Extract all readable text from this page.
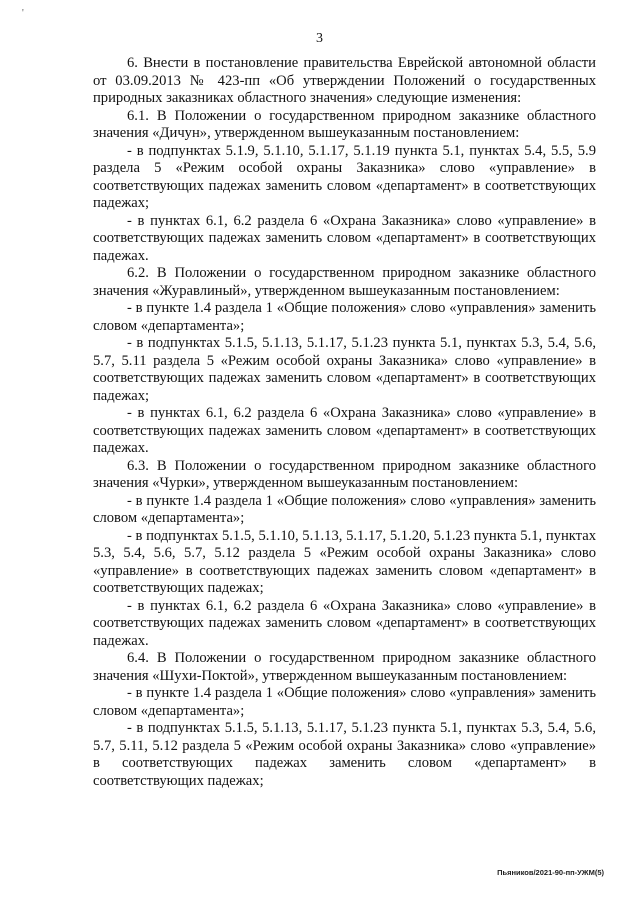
'
3

6. Внести в постановление правительства Еврейской автономной области от 03.09.2013 № 423-пп «Об утверждении Положений о государственных природных заказниках областного значения» следующие изменения:

6.1. В Положении о государственном природном заказнике областного значения «Дичун», утвержденном вышеуказанным постановлением:

- в подпунктах 5.1.9, 5.1.10, 5.1.17, 5.1.19 пункта 5.1, пунктах 5.4, 5.5, 5.9 раздела 5 «Режим особой охраны Заказника» слово «управление» в соответствующих падежах заменить словом «департамент» в соответствующих падежах;

- в пунктах 6.1, 6.2 раздела 6 «Охрана Заказника» слово «управление» в соответствующих падежах заменить словом «департамент» в соответствующих падежах.

6.2. В Положении о государственном природном заказнике областного значения «Журавлиный», утвержденном вышеуказанным постановлением:

- в пункте 1.4 раздела 1 «Общие положения» слово «управления» заменить словом «департамента»;

- в подпунктах 5.1.5, 5.1.13, 5.1.17, 5.1.23 пункта 5.1, пунктах 5.3, 5.4, 5.6, 5.7, 5.11 раздела 5 «Режим особой охраны Заказника» слово «управление» в соответствующих падежах заменить словом «департамент» в соответствующих падежах;

- в пунктах 6.1, 6.2 раздела 6 «Охрана Заказника» слово «управление» в соответствующих падежах заменить словом «департамент» в соответствующих падежах.

6.3. В Положении о государственном природном заказнике областного значения «Чурки», утвержденном вышеуказанным постановлением:

- в пункте 1.4 раздела 1 «Общие положения» слово «управления» заменить словом «департамента»;

- в подпунктах 5.1.5, 5.1.10, 5.1.13, 5.1.17, 5.1.20, 5.1.23 пункта 5.1, пунктах 5.3, 5.4, 5.6, 5.7, 5.12 раздела 5 «Режим особой охраны Заказника» слово «управление» в соответствующих падежах заменить словом «департамент» в соответствующих падежах;

- в пунктах 6.1, 6.2 раздела 6 «Охрана Заказника» слово «управление» в соответствующих падежах заменить словом «департамент» в соответствующих падежах.

6.4. В Положении о государственном природном заказнике областного значения «Шухи-Поктой», утвержденном вышеуказанным постановлением:

- в пункте 1.4 раздела 1 «Общие положения» слово «управления» заменить словом «департамента»;

- в подпунктах 5.1.5, 5.1.13, 5.1.17, 5.1.23 пункта 5.1, пунктах 5.3, 5.4, 5.6, 5.7, 5.11, 5.12 раздела 5 «Режим особой охраны Заказника» слово «управление» в соответствующих падежах заменить словом «департамент» в соответствующих падежах;

Пьяников/2021-90-пп-УЖМ(5)
